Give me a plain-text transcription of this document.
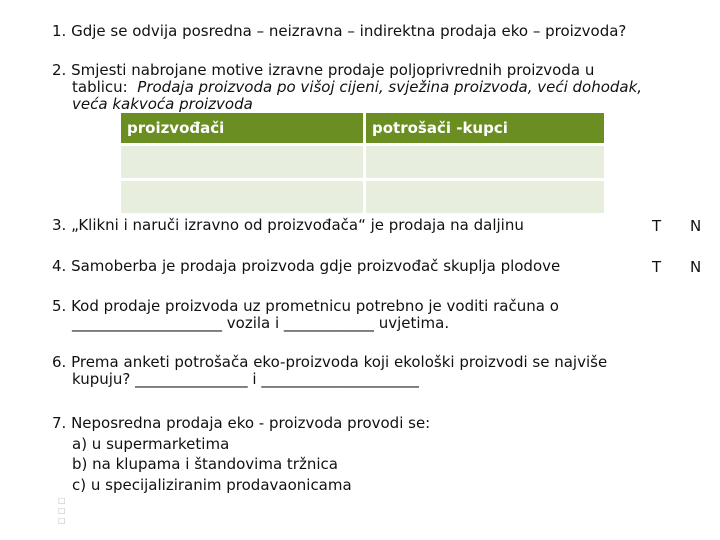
1. Gdje se odvija posredna – neizravna – indirektna prodaja eko – proizvoda?
2. Smjesti nabrojane motive izravne prodaje poljoprivrednih proizvoda u
tablicu: Prodaja proizvoda po višoj cijeni, svježina proizvoda, veći dohodak,
veća kakvoća proizvoda
proizvođači	potrošači -kupci

3. „Klikni i naruči izravno od proizvođača“ je prodaja na daljinu	T N
4. Samoberba je prodaja proizvoda gdje proizvođač skuplja plodove	T N
5. Kod prodaje proizvoda uz prometnicu potrebno je voditi računa o
____________________ vozila i ____________ uvjetima.
6. Prema anketi potrošača eko-proizvoda koji ekološki proizvodi se najviše
kupuju? _______________ i _____________________
7. Neposredna prodaja eko - proizvoda provodi se:
a) u supermarketima
b) na klupama i štandovima tržnica
c) u specijaliziranim prodavaonicama
□
□
□
